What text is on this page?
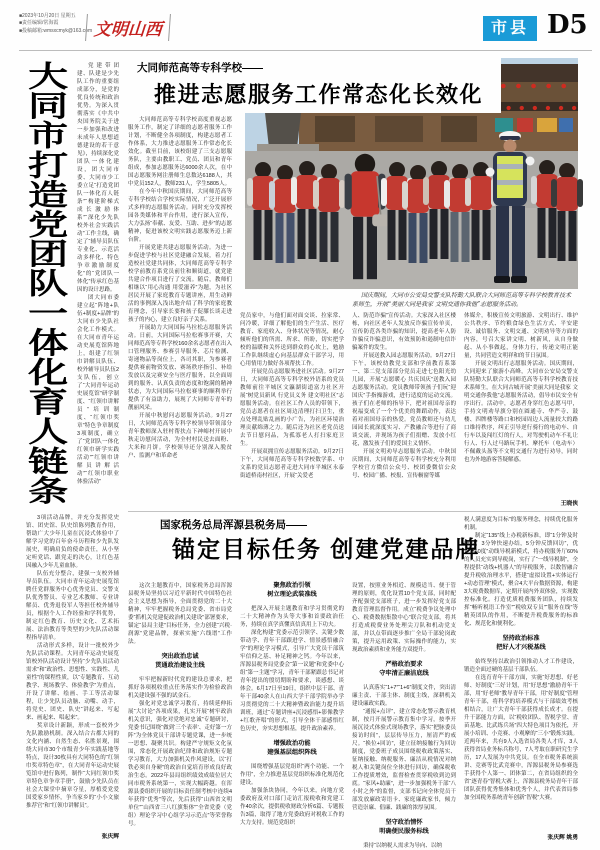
■2023年10月20日 星期五
■责任编辑/常海霞
■投稿邮箱:wmsxcmyk@163.com 文明山西	市县 D5
大同市打造党团队一体化育人链条	党建带团建、队建是少先队工作的重要组成部分，是党的优良传统和政治优势。为深入贯彻落实《中共中央国务院关于进一步加强和改进未成年人思想道德建设的若干意见》，持续深化党团队一体化建设，团大同市委、大同市少工委立足“打造党团队一体化育人链条”“构建阶梯式成长激励体系”“深化少先队校外社会实践活动”工作主线，确定了“辅导员队伍专业化、示范活动多样化、特色争章激励制度化”的“党团队一体化”传承红色基因的设计思路。

团大同市委建立起“阵地+队伍+制度+品牌”的大同市少先队社会化工作模式。在大同市青年运动史展览馆阵地上，组建了红领巾讲解员队伍、校外辅导员队伍2支队伍，创立了“大同青年运动史展览馆”研学制度、“红领巾讲解员”培训制度、“红领巾奖章”特色争章制度3项制度，确立了“党团队一体化红领巾研学实践活动”“红领巾讲解员讲解活动”“红领巾职业体验活动”

3项活动品牌，并充分发挥党史馆、团史馆、队史馆陈列教育作用，帮助广大少年儿童在沉浸式体验中了解学习党的百年奋斗历程和少先队发展史，明确肩负的使命责任，从小坚定听党话、跟党走的决心，让红色基因融入少年儿童血脉。

队伍充分整合，建强一支校外辅导员队伍。大同市青年运动史展览馆聘任党群服务中心优秀党员、交警支队优秀警员、专业艺术教师、专业讲解员、优秀退役军人等担任校外辅导员，根据个人工作经验和学科优势，制定红色教育、历史文化、艺术拓展、法治教育等类型的少先队活动课程指导清单。

活动形式多样，设计一批校外少先队活动课程。大同青年运动史展览馆校外队活动设计坚持“少先队员活动需求”和“政治性、思想性、实践性、儿童性”的课程性质，以“专题教育、互动教学、现场教学、体验教学”为重点，开设了讲解、绘画、手工等活动课程，让少先队员动脑、动嘴、动手，将党史、团史、队史“讲起来、写起来、画起来、唱起来”。

奖章设计新颖，形成一套校外少先队激励机制。深入结合古都大同的文化内涵、自然生态、名胜景观，围绕大同市30个市级青少年实践基地等特点，设计30枚具有大同特色的“红领巾奖章特色章”，在大同青年运动史展览馆中进行陈列，制作“大同红领巾奖章特色章争章手册”，鼓励少先队员在社会大课堂中摘章夺星，厚植爱党爱国爱家乡情怀，争当家乡的“小小文旅推荐官”和“红领巾讲解员”。

张庆辉
大同师范高等专科学校——
推进志愿服务工作常态化长效化
国庆期间，大同市公安局交警支队特勤大队联合大同师范高等专科学校教育技术
系师生，开展“美丽大同是我家 文明交通你我他”志愿服务活动。

大同师范高等专科学校高度重视志愿服务工作，制定了详细的志愿者服务工作计划，不断健全各项制度，构建志愿者工作体系，大力推进志愿服务工作常态化长效化。截至目前，该校组建了三支志愿服务队，主要由教职工、党员、团员和青年组成，参加志愿服务达6000余人次，在中国志愿服务网注册师生总数达6188人，其中党员152人，教师231人，学生5805人。

在今年中秋国庆期间，大同师范高等专科学校结合学校实际情况，广泛开展形式多样的志愿服务活动。同时充分发挥校园各类媒体和平台作用，进行深入宣传，大力弘扬“奉献、友爱、互助、进步”的志愿精神，促进该校文明实践志愿服务迈上新台阶。

开展党建共建志愿服务活动。为进一步促进学校与社区党建融合发展，着力打造校社党建共同体，大同师范高等专科学校学前教育系党员前往和顺街道，就党建共建合作项目进行了交流。随后，教师们相继以“用心沟通 用爱滋养”为题，为社区居民开展了家庭教育专题讲座，用生动鲜活的事例深入浅出地介绍了科学的家庭教育理念，引导家长要和孩子促膝长谈走进孩子的内心，建立良好亲子关系。

开展助力大同国际马拉松志愿服务活动。日前，大同国际马拉松赛事开赛，大同师范高等专科学校160余名志愿者在出入口管理服务、参赛引导服务、芯片检测、寄递物品等岗位上，各司其职，为参赛者提供赛前物资发放、赛场秩序指引、补给发放以及完赛安全与医疗服务，以全面周到的服务、认真负责的态度和饱满的精神状态，为大同国际马拉松赛事的顺利举行提供了有益助力，展现了大同师专青年的靓丽风采。

开展中秋慰问志愿服务活动。9月27日，大同师范高等专科学校领导带领部分青年教师深入驻村帮扶点下神峪村开展中秋走访慰问活动，为全村村民送去面粉、大米和月饼。学校领导还分别深入脱贫户、监测户和革命老

党员家中，与他们面对面交谈、拉家常、问冷暖，详细了解他们的生产生活、医疗教育、家庭收入、身体状况等情况，耐心倾听他们的所需、所求、所盼，切实把学校的温暖和关怀送到群众的心坎上，勉励工作队继续虚心向基层群众干部学习，用心用情用力做好各项帮扶工作。

开展党员志愿服务进社区活动。9月27日，大同师范高等专科学校外语系的党员教师前往平城区文瀛湖街道富力社区开展“树党员新风 行党员义务 建文明社区”志愿服务活动。在社区工作人员的带领下，党员志愿者在社区周边清理打扫卫生，重点处理乱贴乱画的小广告，为社区环境治理贡献绵薄之力。随后还为社区老党员送去节日慰问品，为孤寡老人打扫家庭卫生。

开展双拥宣传志愿服务活动。9月27日下午，大同师范高等专科学校数学系、中文系的党员志愿者走进大同市平城区永泰街道桥南村社区，开展“关爱老

人、防范诈骗”宣传活动。大家深入社区楼栋，向社区老年人发放反诈骗宣传单页，宣传防范各类诈骗的知识，提高老年人防诈骗反诈骗意识，有效预防和遏制电信诈骗案件的发生。

开展送教入园志愿服务活动。9月27日下午，该校幼教党支部和学前教育系第一、第二党支部部分党员走进七色阳光幼儿园，开展“志愿暖心 共庆国庆”送教入园志愿服务活动。党员教师带领孩子们玩“迎国庆”手指操游戏，进行适度的运动交流。孩子们在老师的指导下，把对祖国母亲的祝福变成了一个个优美的舞蹈动作，表达着对祖国母亲的热爱。党员教师还与幼儿园园长就深度实习、产教融合等进行了商谈交流，并现场为孩子们捐赠、发放小红花，激发孩子们的爱国主义情怀。

开展文明劝导志愿服务活动。中秋国庆期间，大同师范高等专科学校充分利用学校官方微信公众号、校团委微信公众号、校园广播、校报、宣传橱窗等媒

体媒介，积极宣传文明旅游、文明出行、维护公共秩序、节约粮食绿色生活方式、平安建设、诚信服务、文明交通、文明劝导等方面的内容，号召大家讲文明、树新风，从自身做起、从小事做起，身体力行，传递文明正能量，共同营造文明祥和的节日氛围。

开展文明出行志愿服务活动。国庆期间，大同迎来了旅游小高峰，大同市公安局交警支队特勤大队联合大同师范高等专科学校教育技术系师生，在大同古城开展“美丽大同是我家 文明交通你我他”志愿服务活动，倡导市民安全有序出行。活动中，志愿者身穿红色志愿马甲，手持文明劝导旗分别在圆通寺、华严寺、鼓楼、四牌楼等路口和校园周边人流量较大的路口维持秩序，纠正引导逆行骑行的电动车、自行车以及闯红灯的行人，对驾驶机动车不礼让行人、行人过马路玩手机、摩托车（电动车）不佩戴头盔等不文明交通行为进行劝导，同时也为外地游客答疑解惑。

王晓侠
国家税务总局浑源县税务局——
锚定目标任务 创建党建品牌

这次主题教育中，国家税务总局浑源县税务局坚持以习近平新时代中国特色社会主义思想为指导，全面贯彻党的二十大精神，牢牢把握税务总局党委、省市局党委“抓机关党建促政治机关建设”部署要求，锚定“县局主建”目标任务，全力创建“兴税·润源”党建品牌，探索实施“六线谱”工作法。

突出政治忠诚
贯通政治建设主线

牢牢把握新时代党的建设总要求，把抓好各项税收重点任务落实作为检验政治机关建设强不强的试金石。

强化对党忠诚学习教育，持续延伸拓展“大讨论”各项成果，扎实开展“树牢政治机关意识，强化对党绝对忠诚”专题研讨，党委书记围绕“做到‘三个表率’、走好第一方阵”为全体党员干部讲专题党课，进一步统一思想、凝聚共识。构建严守规矩文化氛围，常态化开展政治纪律和政治规矩专题学习教育，大力加强机关作风建设，以“打铁必须自身硬”的政治自觉培育形成良好政治生态。2022年县局组织绩效成绩位居大同市税务系统第一，实现大幅跨越。在浑源县委组织开展的目标责任制考核中连续4年获得“优秀”等次，先后获得“山西省文明单位”“山西省三八红旗集体”“全省党委（党组）理论学习中心组学习示范点”等荣誉称号。

聚焦政治引领
树立理论武装准线

把深入开展主题教育和学习贯彻党的二十大精神作为头等大事和首要政治任务，持续在真学真懂真信真用上下功夫。

深化构建“党委示范引领学、关键少数带动学、青年干部跟进学、情景感悟融合学”的理论学习模式，引导广大党员干部筑牢信仰之基、补足精神之钙。今年以来，浑源县税务局党委会“第一议题”和党委中心组“第一主题”学习，青年干部紧跟总书记对青年提出的殷切期盼和要求，谈感想、谈体会。6月17日至19日，组织中层干部、青年干部40余人在山西大学干部学院举办学习贯彻党的二十大精神暨政治能力提升培训班，通过“专题讲座+沉浸感悟+影像教学+红歌齐唱”的形式，引导全体干部感悟红色历史，夯实思想根基，提升政治素养。

增强政治功能
建强基层组织阵线

围绕增强基层党组织“两个功能、一个作用”，全力推进基层党组织标准化规范化建设。

加强条块协同，今年以来，向地方党委政府及对口部门走访汇报税收和党建工作40余次，提供税收财政分析6篇、专题报告3篇，取得了地方党委政府对税收工作的大力支持。规范党组织

设置，按照业务相近、规模适当、便于管理的原则，优化设置10个党支部，同时配齐配强党支部班子，进一步发挥好党支部教育管理监督作用。成立“税费争议处理中心、税费数据集散中心”联合党支部，将其打造成税费业务处理尖刀队和机动党支部，并以点带面逐步推广全局干部轮岗政策，提升运用政策、实际操作的能力，实现政治素质和业务能力双提升。

严格政治要求
守牢清正廉洁底线

认真落实“1+7”“1+6”制度文件，突出清廉主责、干部主体、制度主线，深耕机关建设廉政实践。

“通报+点评”，建立常态化警示教育机制，按月开展警示教育集中学习，按季开展沉浸式体验式现场教学，落实“把脉委员接访时间”，层层传导压力，厘清严的戒尺。“换位+回访”，建立征纳接触行为回访制度，党委班子成员围绕税收政策落实、征纳接触、纳税服务、廉洁从税情况对纳税人和关键岗位全体进行回访，确保税收工作提质增效，监督检查贯穿税收到边到底。“家风+助廉”，进一步加强税务干部“八小时之外”的监督，支部书记向全体党员干部发放廉政寄语卡、家庭廉政家书，倾力营造崇廉、倡廉、践廉的浓厚氛围。

坚守政治情怀
明确便民服务标线

秉持“以纳税人需求为导向、以纳

税人满意度为目标”的服务理念，持续优化服务机制。

制定“135”线上办税新标准，即“1分钟及时响应，3分钟快速办结，5分钟反馈回访”，优化“360度”动线导税新模式，将办税服务厅60%的人员充实到导税岗，实行了“一线导税制”，全程提供“动线+机器人”的导税服务，以数智融合提升税收治理水平，搭建“虚拟设置+实体运行+动态管理”模式，聚合4大平台数据资源，构建3大税费数据库，定期开展内外双体验，实现数控标准化。打造优质税费服务团队，持续发挥“畅听税语工作室”“税收双专员”“服务在线”等精英团队的作用，不断提升税费服务的标准化、规范化和便利化。

坚持政治标准
把好人才兴税基线

始终坚持以政治引领推动人才工作建设，锻造全面过硬的基层干部队伍。

在选育青年干部方面，实施“好思想、好老师、好制度”三好计划，用“好思想”激励青年干部，用“好老师”教导青年干部，用“好制度”管理青年干部，将科学的培养模式与干部绩效考核相结合，让广大青年干部获得成长成才。在提升干部能力方面，以“税收团队、智税学堂、青苗基地、比武练兵场”四大特色项目为依托，开展小培训、小竞赛、小观摩的“三小”锻炼实践。近两年来，共有9人入选省局各类人才库，3人获得省局业务标兵称号，7人考取在职研究生学历，17人发展为中共党员。在全市税务系统演讲、竞赛等比武竞赛中，浑源县税务局参赛选手获得个人第一、团体第二，在省局组织的全省“逐青春”智税大赛上，浑源县税务局青年干部团队获得优秀集体和优秀个人，并代表省局参加全国税务系统青年创新“智税”大赛。

张庆辉 姚勇
